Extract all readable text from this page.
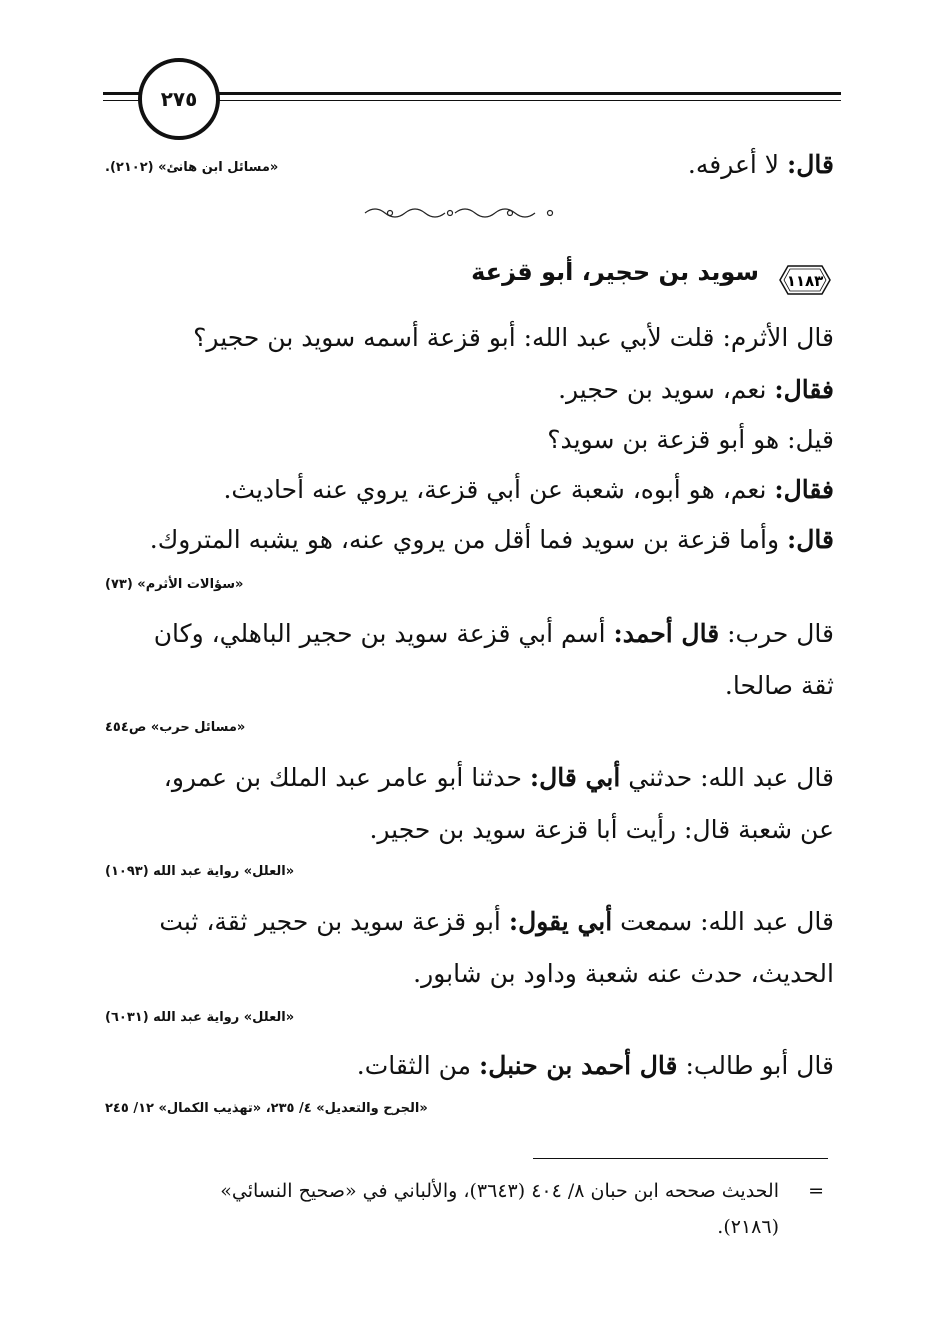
٢٧٥
قال: لا أعرفه.
«مسائل ابن هانئ» (٢١٠٢).
١١٨٣
سويد بن حجير، أبو قزعة
قال الأثرم: قلت لأبي عبد الله: أبو قزعة أسمه سويد بن حجير؟
فقال: نعم، سويد بن حجير.
قيل: هو أبو قزعة بن سويد؟
فقال: نعم، هو أبوه، شعبة عن أبي قزعة، يروي عنه أحاديث.
قال: وأما قزعة بن سويد فما أقل من يروي عنه، هو يشبه المتروك.
«سؤالات الأثرم» (٧٣)
قال حرب: قال أحمد: أسم أبي قزعة سويد بن حجير الباهلي، وكان
ثقة صالحا.
«مسائل حرب» ص٤٥٤
قال عبد الله: حدثني أبي قال: حدثنا أبو عامر عبد الملك بن عمرو،
عن شعبة قال: رأيت أبا قزعة سويد بن حجير.
«العلل» رواية عبد الله (١٠٩٣)
قال عبد الله: سمعت أبي يقول: أبو قزعة سويد بن حجير ثقة، ثبت
الحديث، حدث عنه شعبة وداود بن شابور.
«العلل» رواية عبد الله (٦٠٣١)
قال أبو طالب: قال أحمد بن حنبل: من الثقات.
«الجرح والتعديل» ٤/ ٢٣٥، «تهذيب الكمال» ١٢/ ٢٤٥
=
الحديث صححه ابن حبان ٨/ ٤٠٤ (٣٦٤٣)، والألباني في «صحيح النسائي»
(٢١٨٦).
